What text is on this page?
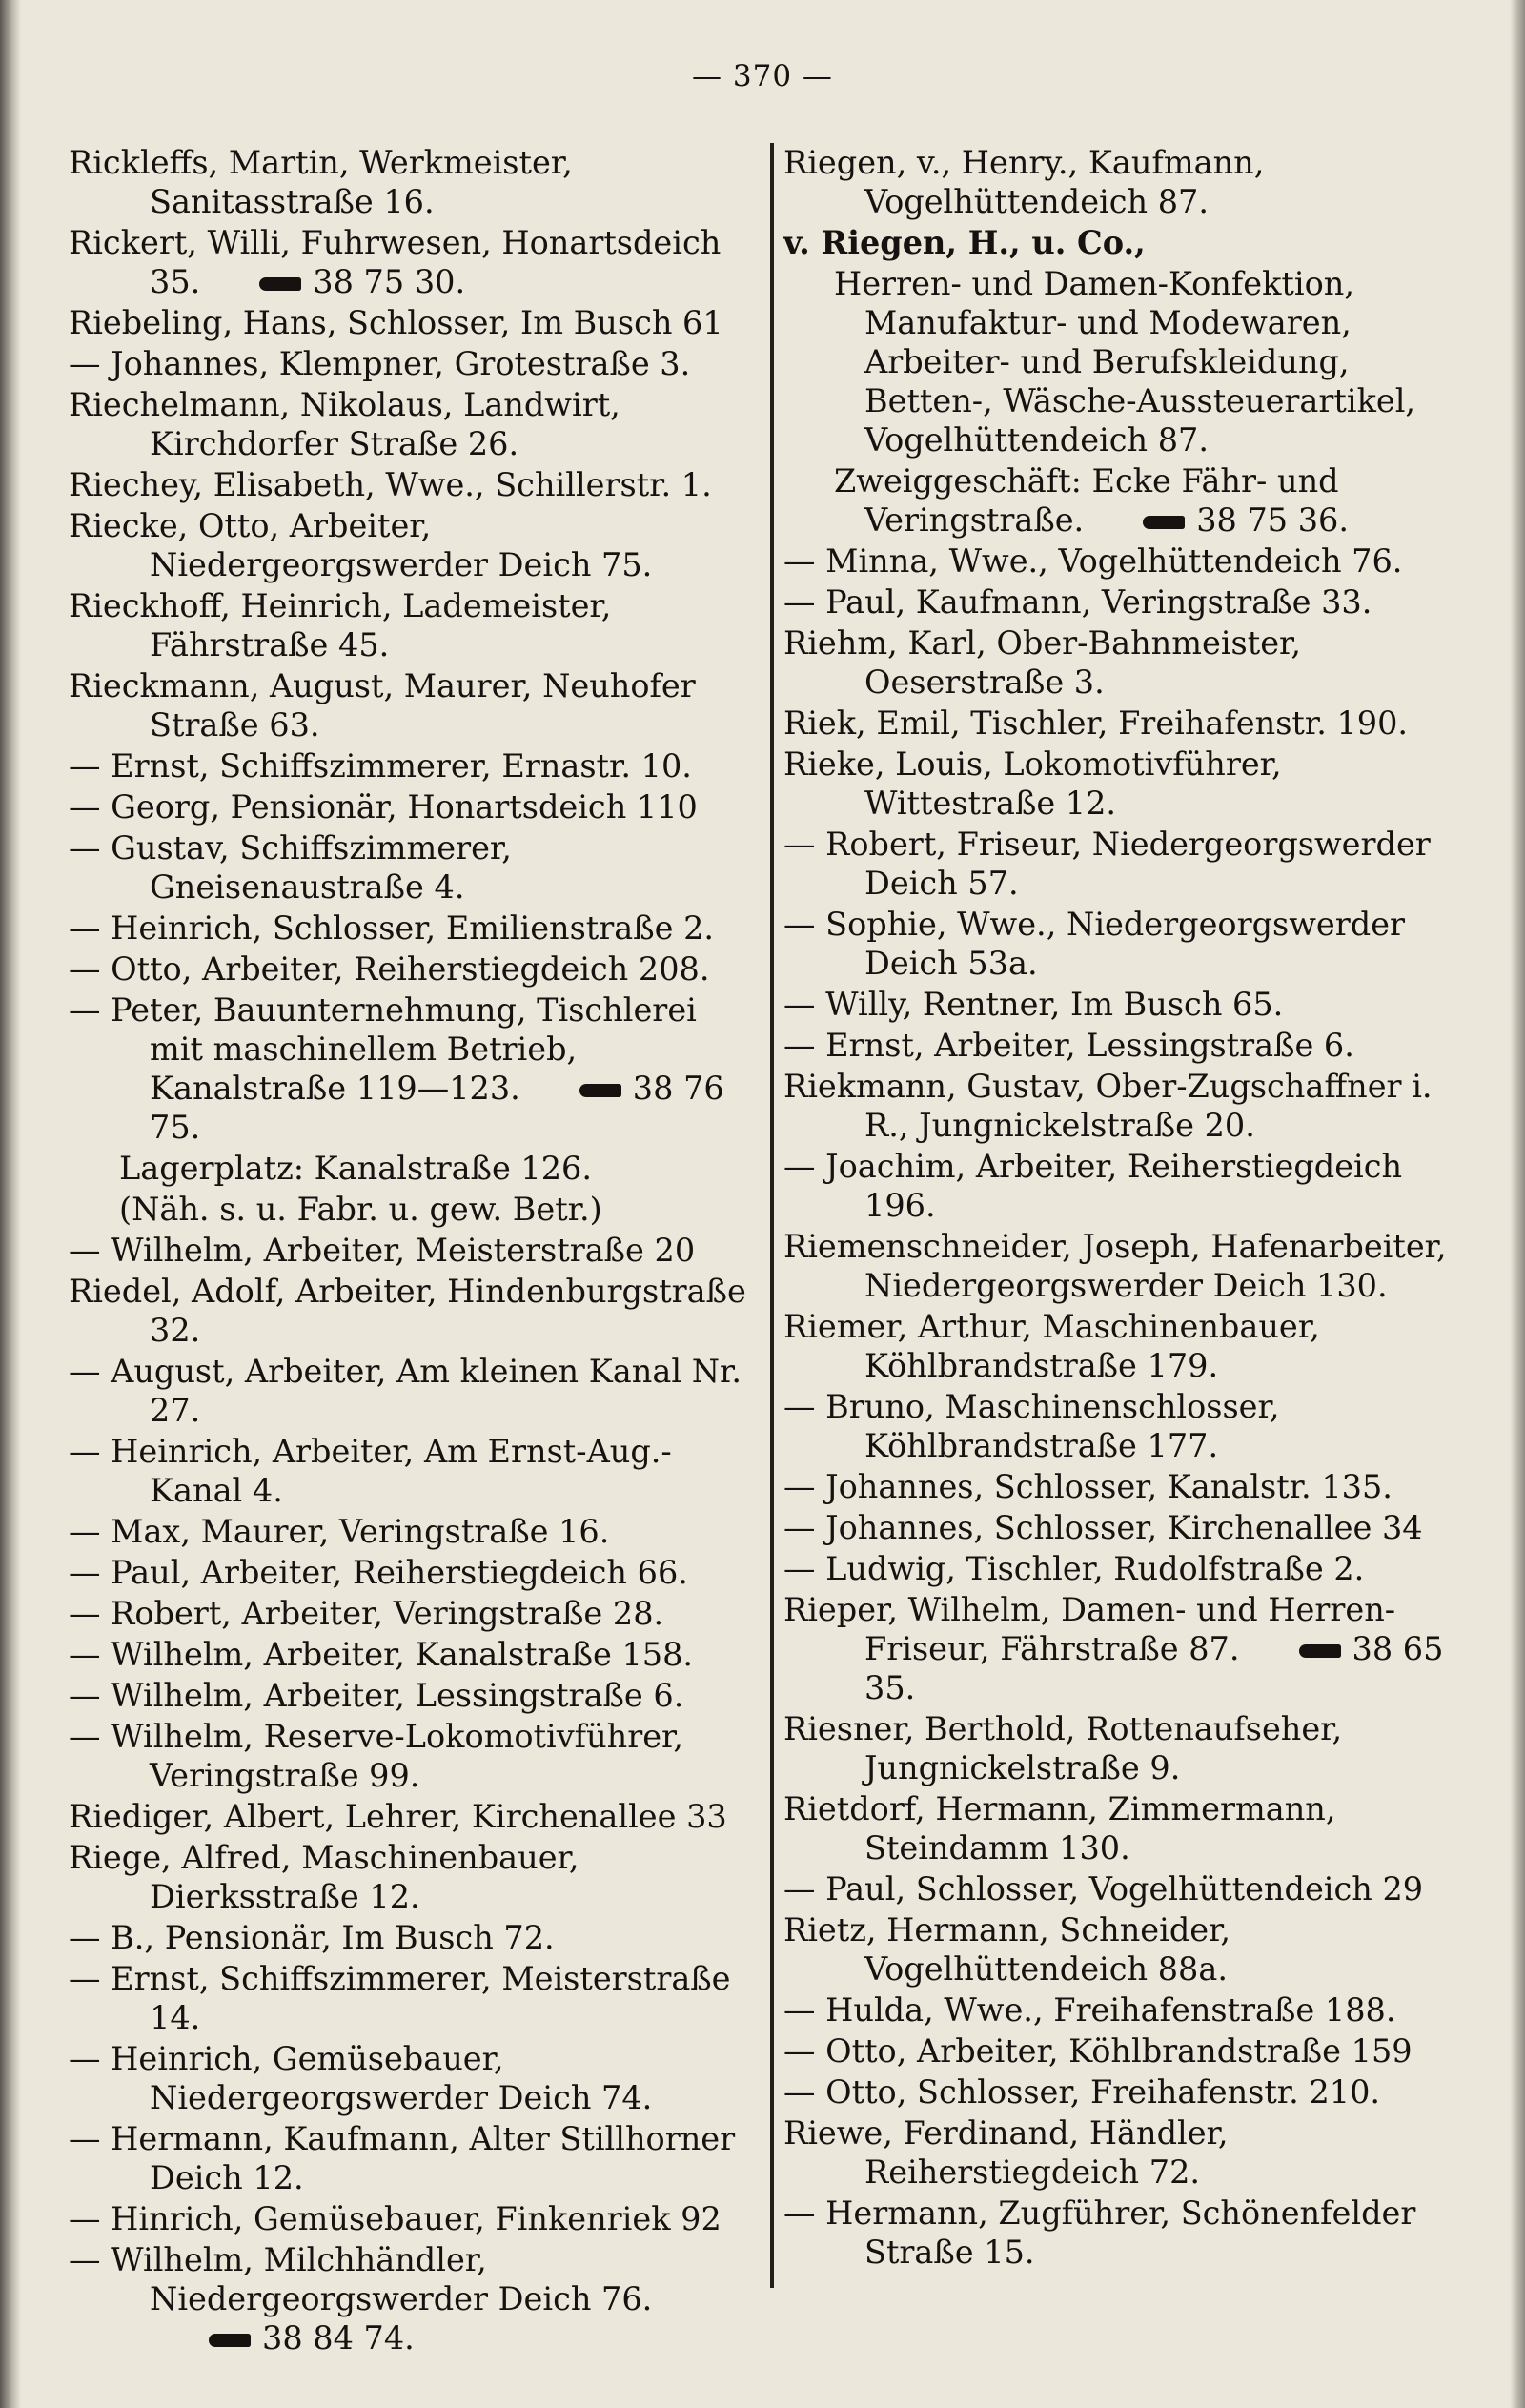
— 370 —
Rickleffs, Martin, Werkmeister, Sanitasstraße 16.
Rickert, Willi, Fuhrwesen, Honartsdeich 35.	38 75 30.
Riebeling, Hans, Schlosser, Im Busch 61
— Johannes, Klempner, Grotestraße 3.
Riechelmann, Nikolaus, Landwirt, Kirchdorfer Straße 26.
Riechey, Elisabeth, Wwe., Schillerstr. 1.
Riecke, Otto, Arbeiter, Niedergeorgswerder Deich 75.
Rieckhoff, Heinrich, Lademeister, Fährstraße 45.
Rieckmann, August, Maurer, Neuhofer Straße 63.
— Ernst, Schiffszimmerer, Ernastr. 10.
— Georg, Pensionär, Honartsdeich 110
— Gustav, Schiffszimmerer, Gneisenaustraße 4.
— Heinrich, Schlosser, Emilienstraße 2.
— Otto, Arbeiter, Reiherstiegdeich 208.
— Peter, Bauunternehmung, Tischlerei mit maschinellem Betrieb, Kanalstraße 119—123.	38 76 75.
Lagerplatz: Kanalstraße 126.
(Näh. s. u. Fabr. u. gew. Betr.)
— Wilhelm, Arbeiter, Meisterstraße 20
Riedel, Adolf, Arbeiter, Hindenburgstraße 32.
— August, Arbeiter, Am kleinen Kanal Nr. 27.
— Heinrich, Arbeiter, Am Ernst-Aug.-Kanal 4.
— Max, Maurer, Veringstraße 16.
— Paul, Arbeiter, Reiherstiegdeich 66.
— Robert, Arbeiter, Veringstraße 28.
— Wilhelm, Arbeiter, Kanalstraße 158.
— Wilhelm, Arbeiter, Lessingstraße 6.
— Wilhelm, Reserve-Lokomotivführer, Veringstraße 99.
Riediger, Albert, Lehrer, Kirchenallee 33
Riege, Alfred, Maschinenbauer, Dierksstraße 12.
— B., Pensionär, Im Busch 72.
— Ernst, Schiffszimmerer, Meisterstraße 14.
— Heinrich, Gemüsebauer, Niedergeorgswerder Deich 74.
— Hermann, Kaufmann, Alter Stillhorner Deich 12.
— Hinrich, Gemüsebauer, Finkenriek 92
— Wilhelm, Milchhändler, Niedergeorgswerder Deich 76.38 84 74.
Riegen, v., Henry., Kaufmann, Vogelhüttendeich 87.
v. Riegen, H., u. Co.,
Herren- und Damen-Konfektion, Manufaktur- und Modewaren, Arbeiter- und Berufskleidung, Betten-, Wäsche-Aussteuerartikel, Vogelhüttendeich 87.
Zweiggeschäft: Ecke Fähr- und Veringstraße.	38 75 36.
— Minna, Wwe., Vogelhüttendeich 76.
— Paul, Kaufmann, Veringstraße 33.
Riehm, Karl, Ober-Bahnmeister, Oeserstraße 3.
Riek, Emil, Tischler, Freihafenstr. 190.
Rieke, Louis, Lokomotivführer, Wittestraße 12.
— Robert, Friseur, Niedergeorgswerder Deich 57.
— Sophie, Wwe., Niedergeorgswerder Deich 53a.
— Willy, Rentner, Im Busch 65.
— Ernst, Arbeiter, Lessingstraße 6.
Riekmann, Gustav, Ober-Zugschaffner i. R., Jungnickelstraße 20.
— Joachim, Arbeiter, Reiherstiegdeich 196.
Riemenschneider, Joseph, Hafenarbeiter, Niedergeorgswerder Deich 130.
Riemer, Arthur, Maschinenbauer, Köhlbrandstraße 179.
— Bruno, Maschinenschlosser, Köhlbrandstraße 177.
— Johannes, Schlosser, Kanalstr. 135.
— Johannes, Schlosser, Kirchenallee 34
— Ludwig, Tischler, Rudolfstraße 2.
Rieper, Wilhelm, Damen- und Herren-Friseur, Fährstraße 87.	38 65 35.
Riesner, Berthold, Rottenaufseher, Jungnickelstraße 9.
Rietdorf, Hermann, Zimmermann, Steindamm 130.
— Paul, Schlosser, Vogelhüttendeich 29
Rietz, Hermann, Schneider, Vogelhüttendeich 88a.
— Hulda, Wwe., Freihafenstraße 188.
— Otto, Arbeiter, Köhlbrandstraße 159
— Otto, Schlosser, Freihafenstr. 210.
Riewe, Ferdinand, Händler, Reiherstiegdeich 72.
— Hermann, Zugführer, Schönenfelder Straße 15.
